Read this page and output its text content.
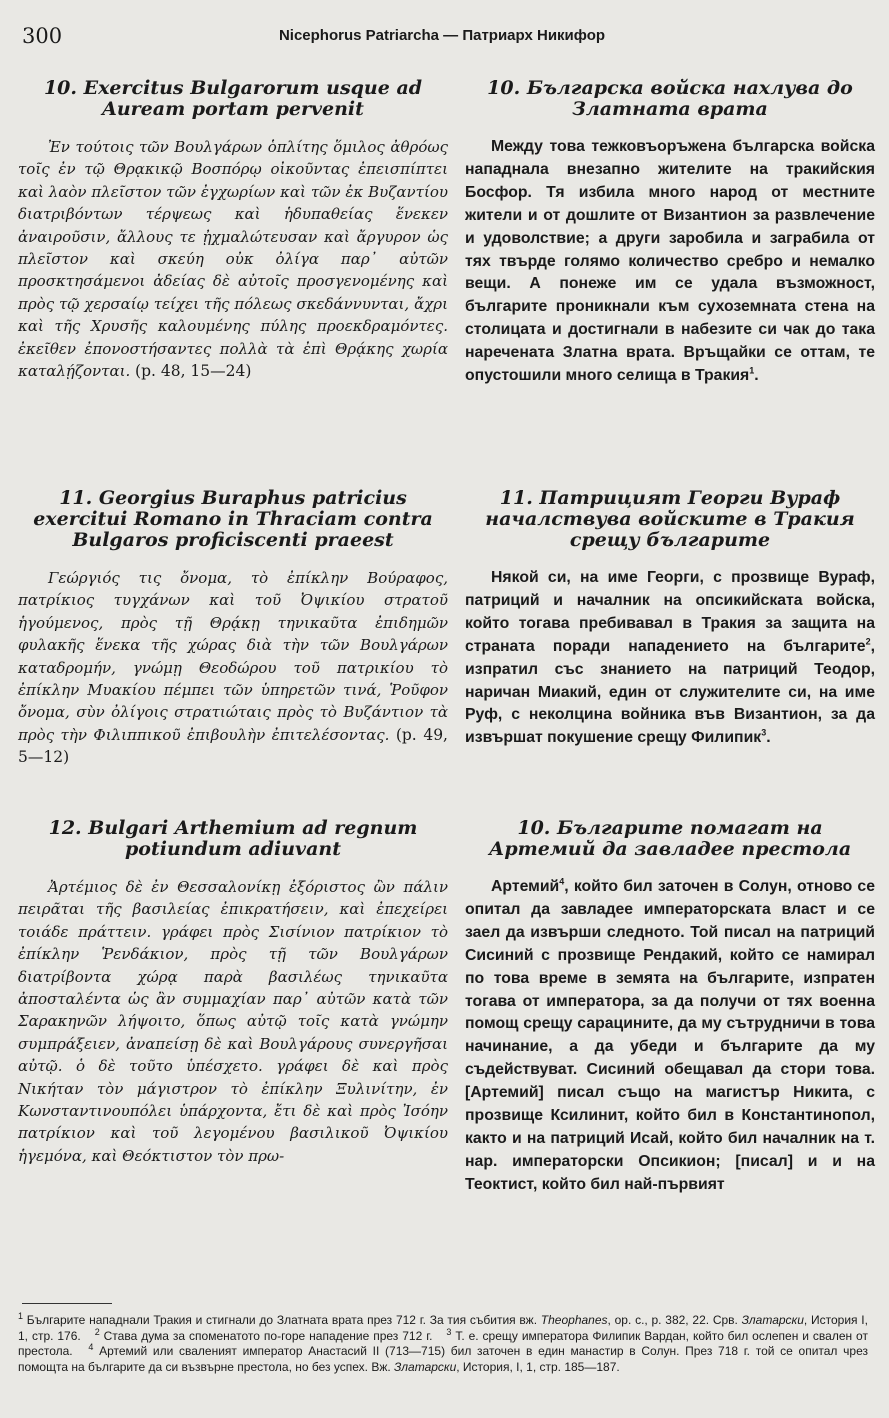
300	Nicephorus Patriarcha — Патриарх Никифор
10. Exercitus Bulgarorum usque ad Auream portam pervenit

Ἐν τούτοις τῶν Βουλγάρων ὁπλίτης ὅμιλος ἀθρόως τοῖς ἐν τῷ Θρᾳκικῷ Βοσπόρῳ οἰκοῦντας ἐπεισπίπτει καὶ λαὸν πλεῖστον τῶν ἐγχωρίων καὶ τῶν ἐκ Βυζαντίου διατριβόντων τέρψεως καὶ ἡδυπαθείας ἕνεκεν ἀναιροῦσιν, ἄλλους τε ᾐχμαλώτευσαν καὶ ἄργυρον ὡς πλεῖστον καὶ σκεύη οὐκ ὀλίγα παρ᾽ αὐτῶν προσκτησάμενοι ἀδείας δὲ αὐτοῖς προσγενομένης καὶ πρὸς τῷ χερσαίῳ τείχει τῆς πόλεως σκεδάννυνται, ἄχρι καὶ τῆς Χρυσῆς καλουμένης πύλης προεκδραμόντες. ἐκεῖθεν ἐπονοστήσαντες πολλὰ τὰ ἐπὶ Θρᾴκης χωρία καταλῄζονται. (p. 48, 15—24)

11. Georgius Buraphus patricius exercitui Romano in Thraciam contra Bulgaros proficiscenti praeest

Γεώργιός τις ὄνομα, τὸ ἐπίκλην Βούραφος, πατρίκιος τυγχάνων καὶ τοῦ Ὀψικίου στρατοῦ ἡγούμενος, πρὸς τῇ Θρᾴκῃ τηνικαῦτα ἐπιδημῶν φυλακῆς ἕνεκα τῆς χώρας διὰ τὴν τῶν Βουλγάρων καταδρομήν, γνώμῃ Θεοδώρου τοῦ πατρικίου τὸ ἐπίκλην Μυακίου πέμπει τῶν ὑπηρετῶν τινά, Ῥοῦφον ὄνομα, σὺν ὀλίγοις στρατιώταις πρὸς τὸ Βυζάντιον τὰ πρὸς τὴν Φιλιππικοῦ ἐπιβουλὴν ἐπιτελέσοντας. (p. 49, 5—12)

12. Bulgari Arthemium ad regnum potiundum adiuvant

Ἀρτέμιος δὲ ἐν Θεσσαλονίκῃ ἐξόριστος ὢν πάλιν πειρᾶται τῆς βασιλείας ἐπικρατήσειν, καὶ ἐπεχείρει τοιάδε πράττειν. γράφει πρὸς Σισίνιον πατρίκιον τὸ ἐπίκλην Ῥενδάκιον, πρὸς τῇ τῶν Βουλγάρων διατρίβοντα χώρᾳ παρὰ βασιλέως τηνικαῦτα ἀποσταλέντα ὡς ἂν συμμαχίαν παρ᾽ αὐτῶν κατὰ τῶν Σαρακηνῶν λήψοιτο, ὅπως αὐτῷ τοῖς κατὰ γνώμην συμπράξειεν, ἀναπείσῃ δὲ καὶ Βουλγάρους συνεργῆσαι αὐτῷ. ὁ δὲ τοῦτο ὑπέσχετο. γράφει δὲ καὶ πρὸς Νικήταν τὸν μάγιστρον τὸ ἐπίκλην Ξυλινίτην, ἐν Κωνσταντινουπόλει ὑπάρχοντα, ἔτι δὲ καὶ πρὸς Ἰσόην πατρίκιον καὶ τοῦ λεγομένου βασιλικοῦ Ὀψικίου ἡγεμόνα, καὶ Θεόκτιστον τὸν πρω-

10. Българска войска нахлува до Златната врата

Между това тежковъоръжена българска войска нападнала внезапно жителите на тракийския Босфор. Тя избила много народ от местните жители и от дошлите от Византион за развлечение и удоволствие; а други заробила и заграбила от тях твърде голямо количество сребро и немалко вещи. А понеже им се удала възможност, българите проникнали към сухоземната стена на столицата и достигнали в набезите си чак до така наречената Златна врата. Връщайки се оттам, те опустошили много селища в Тракия$^1$.

11. Патрицият Георги Вураф началствува войските в Тракия срещу българите

Някой си, на име Георги, с прозвище Вураф, патриций и началник на опсикийската войска, който тогава пребивавал в Тракия за защита на страната поради нападението на българите$^2$, изпратил със знанието на патриций Теодор, наричан Миакий, един от служителите си, на име Руф, с неколцина войника във Византион, за да извършат покушение срещу Филипик$^3$.

10. Българите помагат на Артемий да завладее престола

Артемий$^4$, който бил заточен в Солун, отново се опитал да завладее императорската власт и се заел да извърши следното. Той писал на патриций Сисиний с прозвище Рендакий, който се намирал по това време в земята на българите, изпратен тогава от императора, за да получи от тях военна помощ срещу сарацините, да му сътрудничи в това начинание, а да убеди и българите да му съдействуват. Сисиний обещавал да стори това. [Артемий] писал също на магистър Никита, с прозвище Ксилинит, който бил в Константинопол, както и на патриций Исай, който бил началник на т. нар. императорски Опсикион; [писал] и и на Теоктист, който бил най-първият

$^1$ Българите нападнали Тракия и стигнали до Златната врата през 712 г. За тия събития вж. Theophanes, op. c., p. 382, 22. Срв. Златарски, История I, 1, стр. 176. $^2$ Става дума за споменатото по-горе нападение през 712 г. $^3$ Т. е. срещу императора Филипик Вардан, който бил ослепен и свален от престола. $^4$ Артемий или сваленият император Анастасий II (713—715) бил заточен в един манастир в Солун. През 718 г. той се опитал чрез помощта на българите да си възвърне престола, но без успех. Вж. Златарски, История, I, 1, стр. 185—187.
